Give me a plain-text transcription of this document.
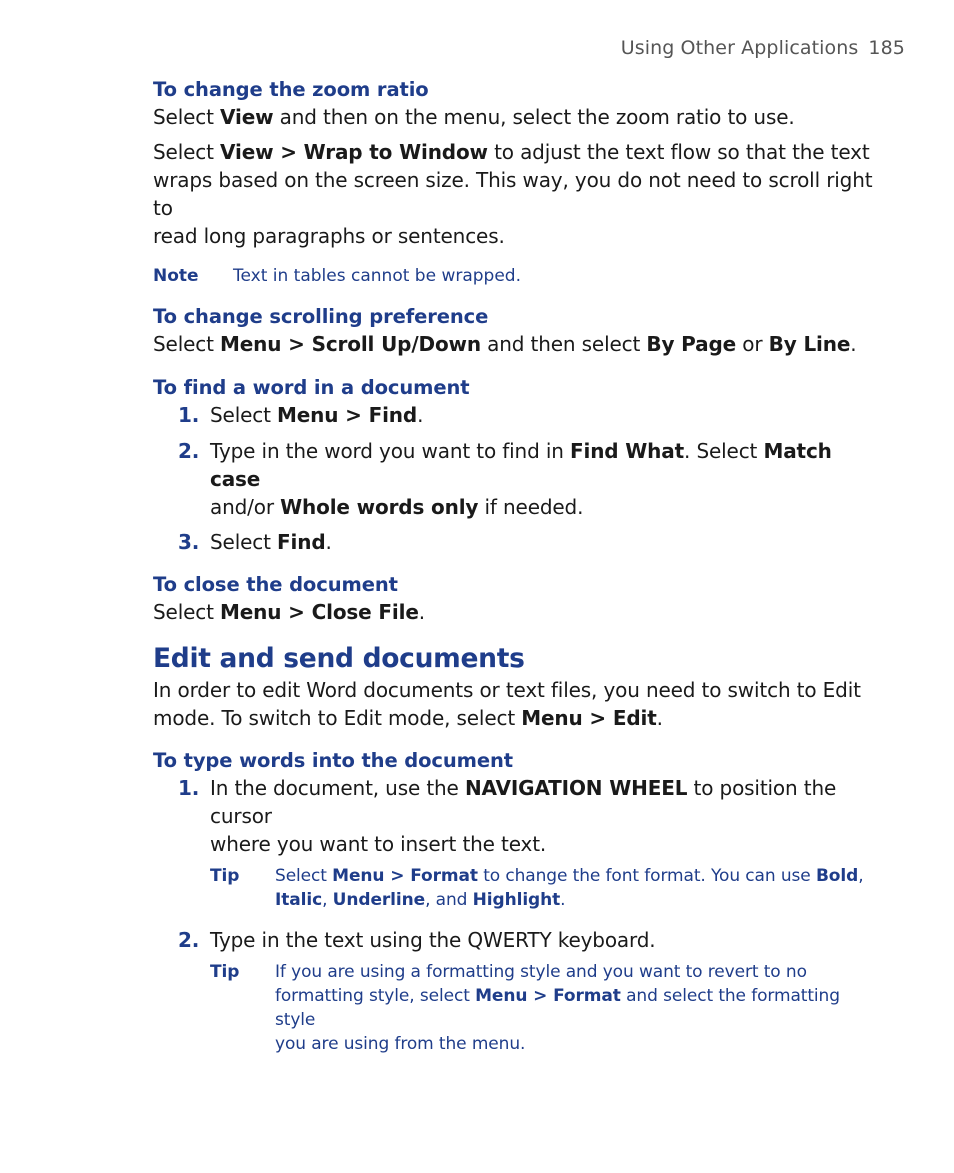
Using Other Applications 185
To change the zoom ratio

Select View and then on the menu, select the zoom ratio to use.

Select View > Wrap to Window to adjust the text flow so that the text
wraps based on the screen size. This way, you do not need to scroll right to
read long paragraphs or sentences.

Note	Text in tables cannot be wrapped.
To change scrolling preference

Select Menu > Scroll Up/Down and then select By Page or By Line.

To find a word in a document
1. Select Menu > Find.
2. Type in the word you want to find in Find What. Select Match case
and/or Whole words only if needed.
3. Select Find.
To close the document

Select Menu > Close File.

Edit and send documents

In order to edit Word documents or text files, you need to switch to Edit
mode. To switch to Edit mode, select Menu > Edit.

To type words into the document
1. In the document, use the NAVIGATION WHEEL to position the cursor
where you want to insert the text.
Tip	Select Menu > Format to change the font format. You can use Bold,
Italic, Underline, and Highlight.
2. Type in the text using the QWERTY keyboard.
Tip	If you are using a formatting style and you want to revert to no
formatting style, select Menu > Format and select the formatting style
you are using from the menu.
